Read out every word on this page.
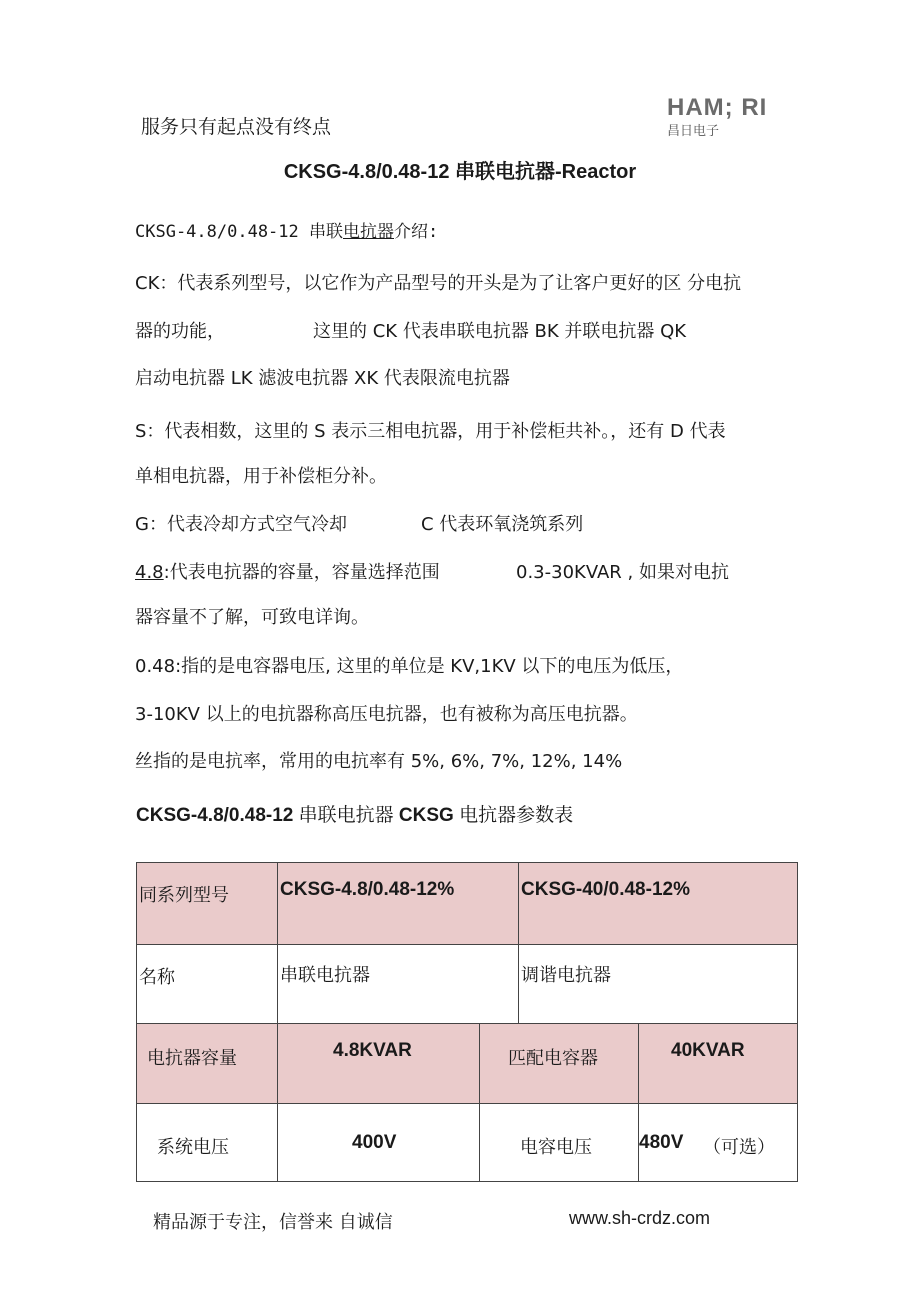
服务只有起点没有终点
HAM; RI
昌日电子
CKSG-4.8/0.48-12 串联电抗器-Reactor
CKSG-4.8/0.48-12 串联电抗器介绍:
CK：代表系列型号，以它作为产品型号的开头是为了让客户更好的区 分电抗
器的功能，	这里的 CK 代表串联电抗器 BK 并联电抗器 QK
启动电抗器 LK 滤波电抗器 XK 代表限流电抗器
S：代表相数，这里的 S 表示三相电抗器，用于补偿柜共补。，还有 D 代表
单相电抗器，用于补偿柜分补。
G：代表冷却方式空气冷却	C 代表环氧浇筑系列
4.8:代表电抗器的容量，容量选择范围	0.3-30KVAR , 如果对电抗
器容量不了解，可致电详询。
0.48:指的是电容器电压, 这里的单位是 KV,1KV 以下的电压为低压，
3-10KV 以上的电抗器称高压电抗器，也有被称为高压电抗器。
丝指的是电抗率，常用的电抗率有 5%, 6%, 7%, 12%, 14%
CKSG-4.8/0.48-12 串联电抗器 CKSG 电抗器参数表
同系列型号	CKSG-4.8/0.48-12%	CKSG-40/0.48-12%
名称	串联电抗器	调谐电抗器
电抗器容量	4.8KVAR	匹配电容器	40KVAR
系统电压	400V	电容电压 480V （可选）
精品源于专注，信誉来 自诚信	www.sh-crdz.com
